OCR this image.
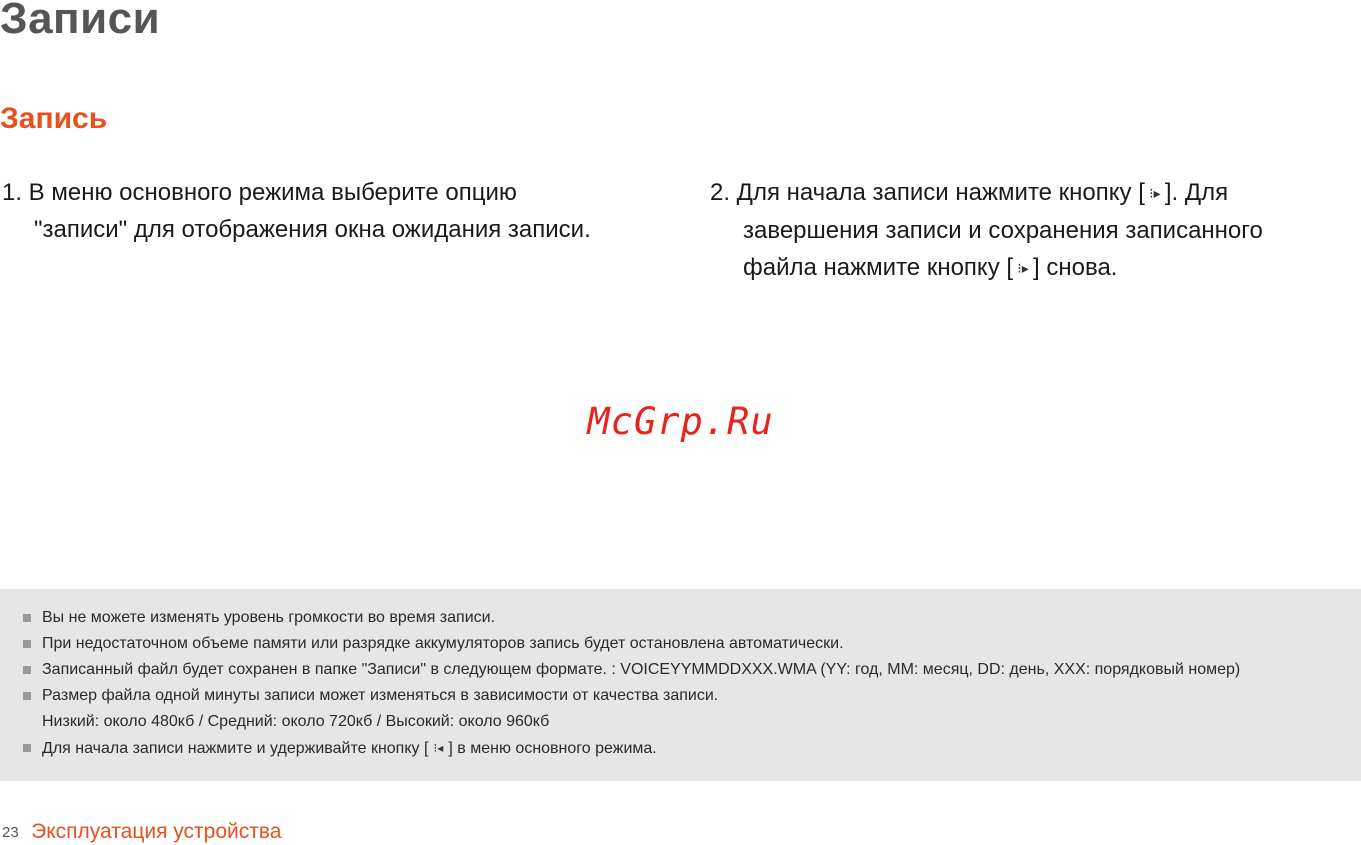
Записи
Запись
1. В меню основного режима выберите опцию
"записи" для отображения окна ожидания записи.
2. Для начала записи нажмите кнопку [ ⁝▸ ]. Для
завершения записи и сохранения записанного
файла нажмите кнопку [ ⁝▸ ] снова.
McGrp.Ru
Вы не можете изменять уровень громкости во время записи.
При недостаточном объеме памяти или разрядке аккумуляторов запись будет остановлена автоматически.
Записанный файл будет сохранен в папке "Записи" в следующем формате. : VOICEYYMMDDXXX.WMA (YY: год, MM: месяц, DD: день, XXX: порядковый номер)
Размер файла одной минуты записи может изменяться в зависимости от качества записи.
Низкий: около 480кб / Средний: около 720кб / Высокий: около 960кб
Для начала записи нажмите и удерживайте кнопку [ ⁝◂ ] в меню основного режима.
23 Эксплуатация устройства
